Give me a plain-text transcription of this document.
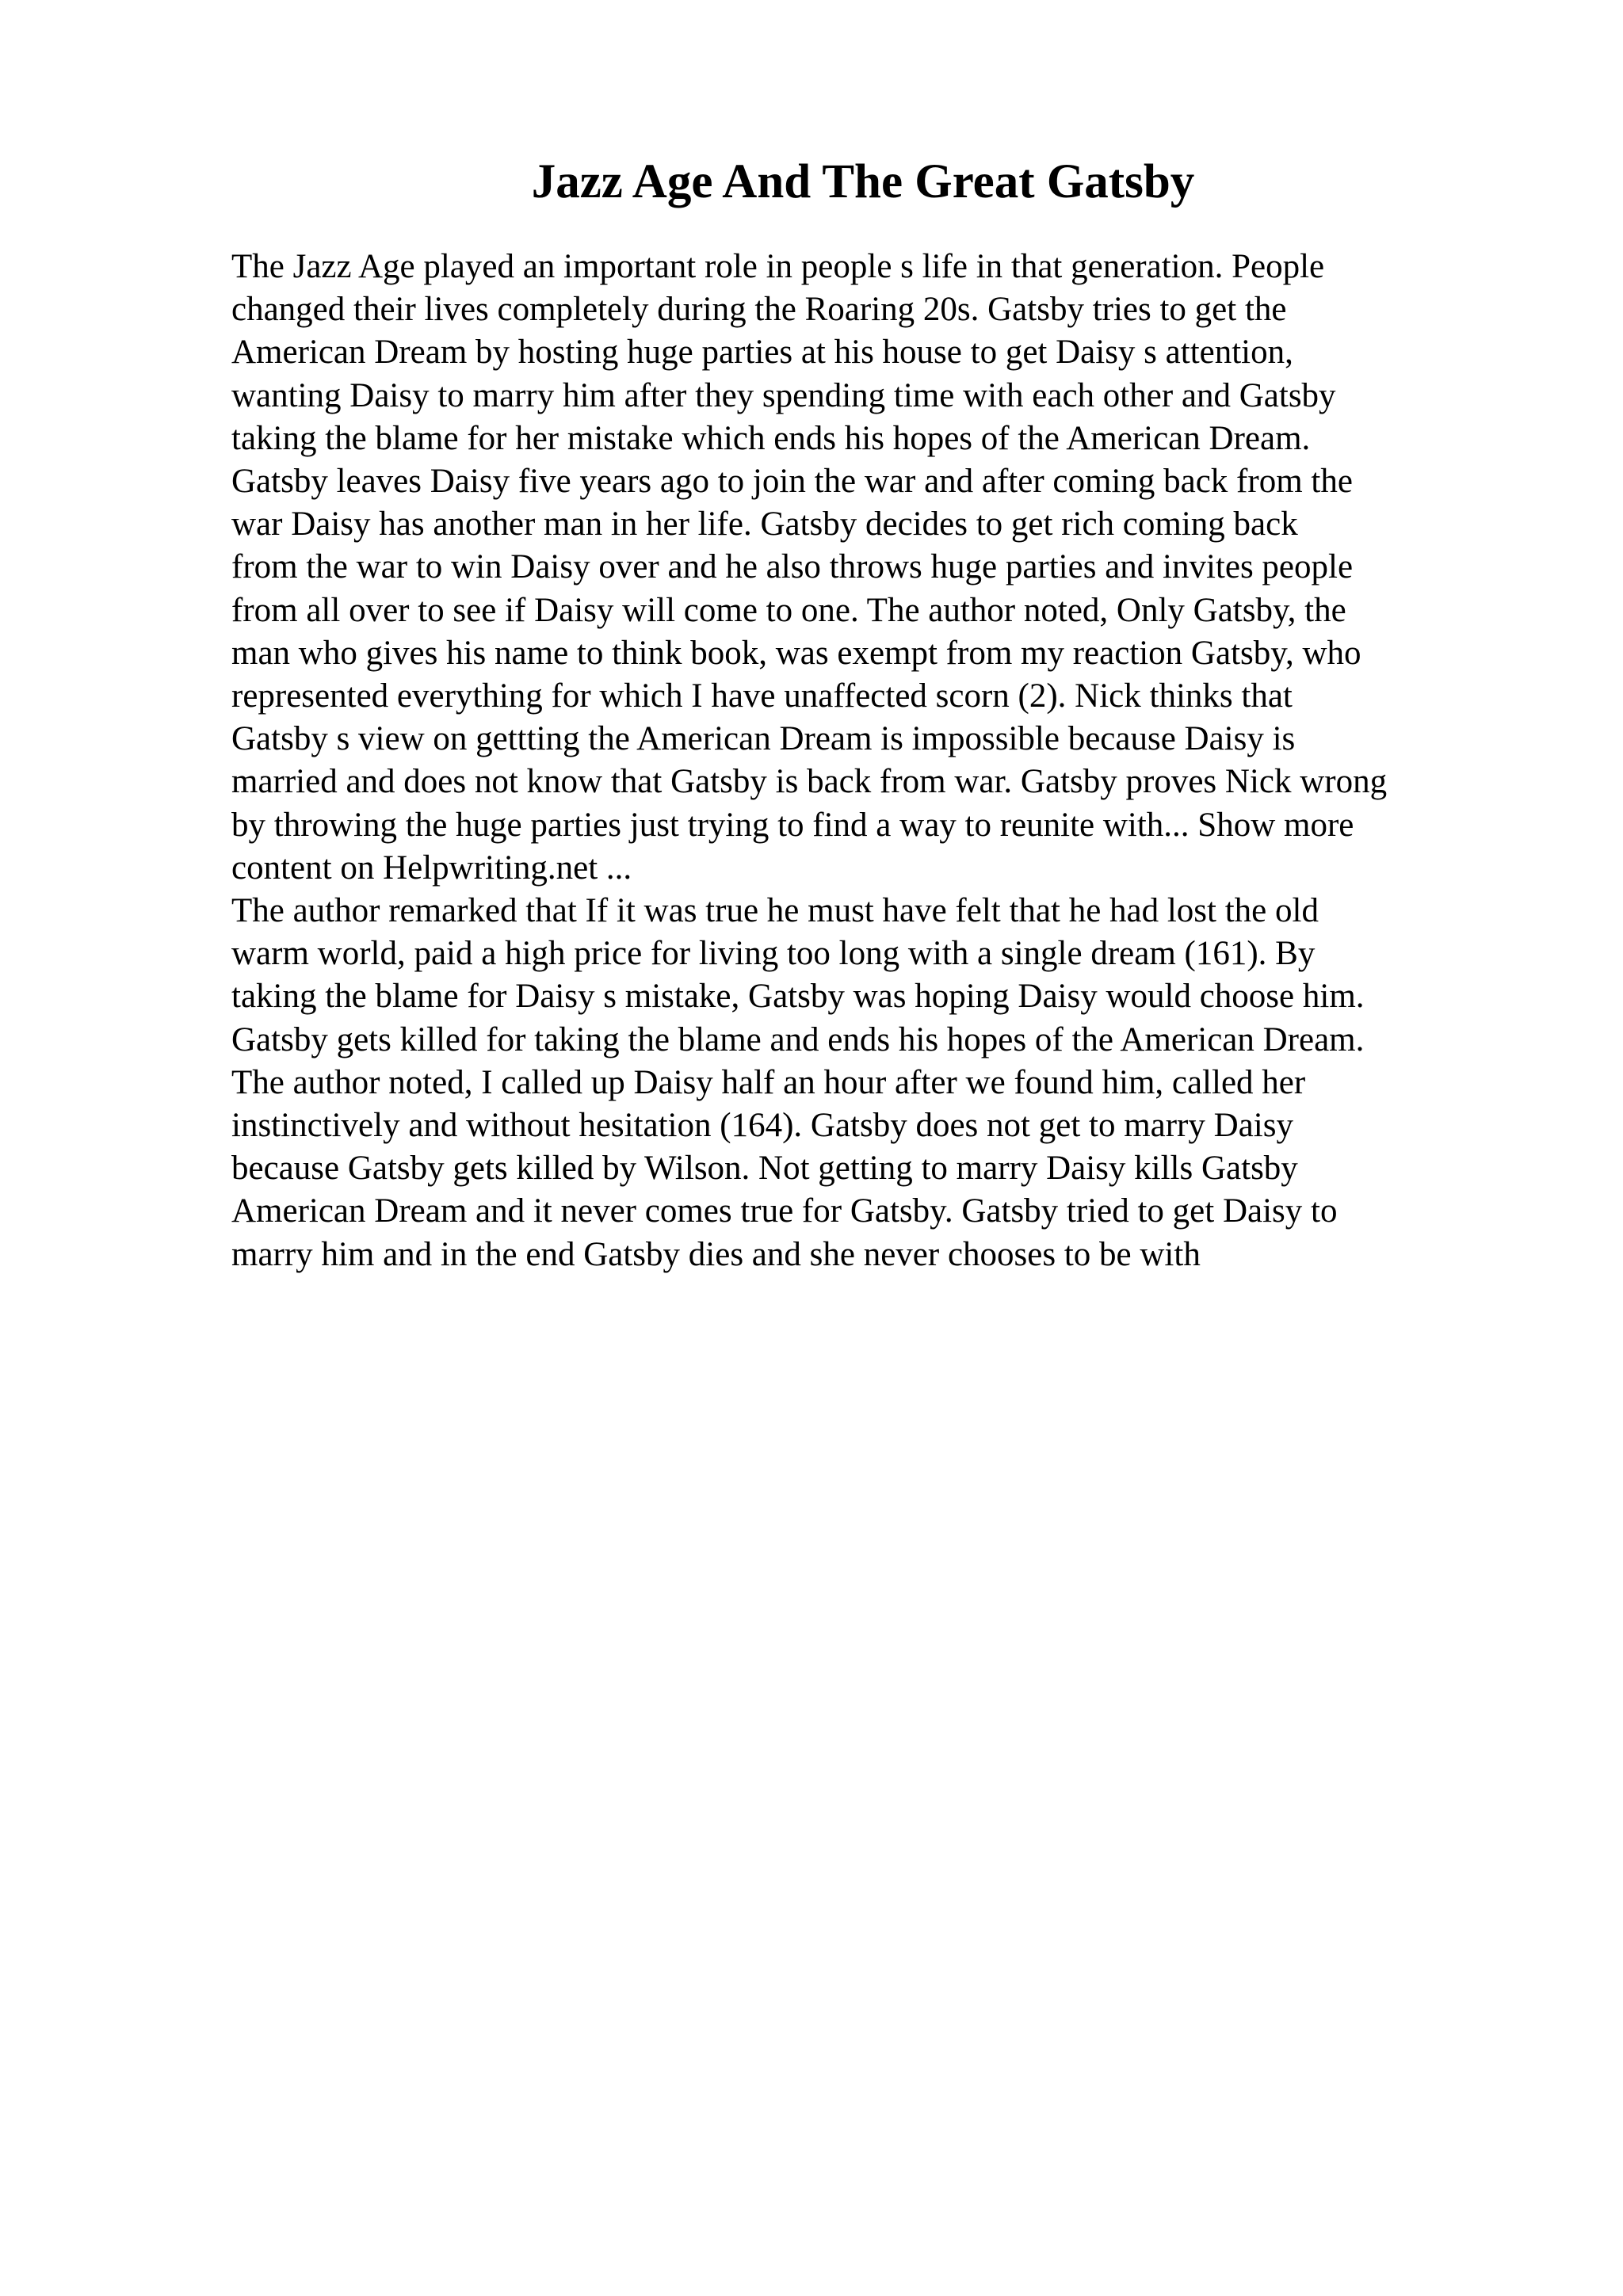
Jazz Age And The Great Gatsby
The Jazz Age played an important role in people s life in that generation. People
changed their lives completely during the Roaring 20s. Gatsby tries to get the
American Dream by hosting huge parties at his house to get Daisy s attention,
wanting Daisy to marry him after they spending time with each other and Gatsby
taking the blame for her mistake which ends his hopes of the American Dream.
Gatsby leaves Daisy five years ago to join the war and after coming back from the
war Daisy has another man in her life. Gatsby decides to get rich coming back
from the war to win Daisy over and he also throws huge parties and invites people
from all over to see if Daisy will come to one. The author noted, Only Gatsby, the
man who gives his name to think book, was exempt from my reaction Gatsby, who
represented everything for which I have unaffected scorn (2). Nick thinks that
Gatsby s view on gettting the American Dream is impossible because Daisy is
married and does not know that Gatsby is back from war. Gatsby proves Nick wrong
by throwing the huge parties just trying to find a way to reunite with... Show more
content on Helpwriting.net ...
The author remarked that If it was true he must have felt that he had lost the old
warm world, paid a high price for living too long with a single dream (161). By
taking the blame for Daisy s mistake, Gatsby was hoping Daisy would choose him.
Gatsby gets killed for taking the blame and ends his hopes of the American Dream.
The author noted, I called up Daisy half an hour after we found him, called her
instinctively and without hesitation (164). Gatsby does not get to marry Daisy
because Gatsby gets killed by Wilson. Not getting to marry Daisy kills Gatsby
American Dream and it never comes true for Gatsby. Gatsby tried to get Daisy to
marry him and in the end Gatsby dies and she never chooses to be with
